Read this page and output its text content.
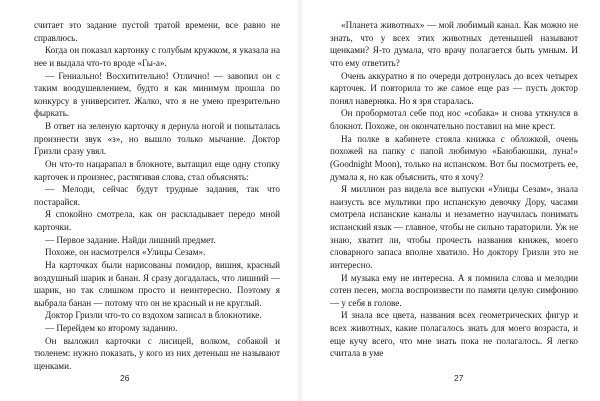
считает это задание пустой тратой времени, все равно не справлюсь.

Когда он показал картонку с голубым кружком, я указала на нее и выдала что-то вроде «Гы-а».

— Гениально! Восхитительно! Отлично! — завопил он с таким воодушевлением, будто я как минимум прошла по конкурсу в университет. Жалко, что я не умею презрительно фыркать.

В ответ на зеленую карточку я дернула ногой и попыталась произнести звук «з», но вышло только мычание. Доктор Гризли сразу увял.

Он что-то нацарапал в блокноте, вытащил еще одну стопку карточек и произнес, растягивая слова, стал объяснять:

— Мелоди, сейчас будут трудные задания, так что постарайся.

Я спокойно смотрела, как он раскладывает передо мной карточки.

— Первое задание. Найди лишний предмет.

Похоже, он насмотрелся «Улицы Сезам».

На карточках были нарисованы помидор, вишня, красный воздушный шарик и банан. Я сразу догадалась, что лишний — шарик, но так слишком просто и неинтересно. Поэтому я выбрала банан — потому что он не красный и не круглый.

Доктор Гризли что-то со вздохом записал в блокнотике.

— Перейдем ко второму заданию.

Он выложил карточки с лисицей, волком, собакой и тюленем: нужно показать, у кого из них детеныш не называют щенками.

26

«Планета животных» — мой любимый канал. Как можно не знать, что у всех этих животных детенышей называют щенками? Я-то думала, что врачу полагается быть умным. И что ему ответить?

Очень аккуратно я по очереди дотронулась до всех четырех карточек. И повторила то же самое еще раз — пусть доктор понял наверняка. Но я зря старалась.

Он пробормотал себе под нос «собака» и снова уткнулся в блокнот. Похоже, он окончательно поставил на мне крест.

На полке в кабинете стояла книжка с обложкой, очень похожей на папку с папой любимую «Баюбаюшки, луна!» (Goodnight Moon), только на испанском. Вот бы посмотреть ее, думала я, но как объяснить, что я хочу?

Я миллион раз видела все выпуски «Улицы Сезам», знала наизусть все мультики про испанскую девочку Дору, часами смотрела испанские каналы и незаметно научилась понимать испанский язык — главное, чтобы не сильно тараторили. Уж не знаю, хватит ли, чтобы прочесть названия книжек, моего словарного запаса вполне хватило. Но доктору Гризли это не интересно.

И музыка ему не интересна. А я помнила слова и мелодии сотен песен, могла воспроизвести по памяти целую симфонию — у себя в голове.

И знала все цвета, названия всех геометрических фигур и всех животных, какие полагалось знать для моего возраста, и еще кучу всего, что мне знать пока не полагалось. Я легко считала в уме

27
